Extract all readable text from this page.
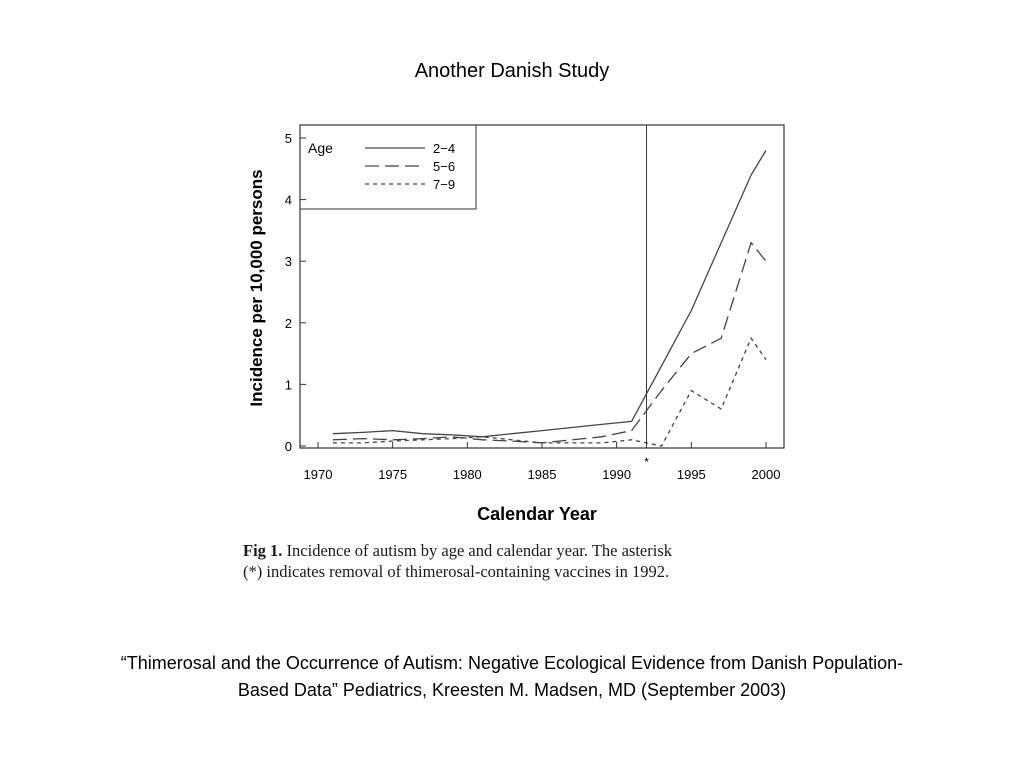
Another Danish Study
Incidence per 10,000 persons
Calendar Year
0
1
2
3
4
5
1970	1975	1980	1985	1990	1995	2000
*
Age	2−4
5−6
7−9
Fig 1. Incidence of autism by age and calendar year. The asterisk
(*) indicates removal of thimerosal-containing vaccines in 1992.
“Thimerosal and the Occurrence of Autism: Negative Ecological Evidence from Danish Population-
Based Data” Pediatrics, Kreesten M. Madsen, MD (September 2003)
